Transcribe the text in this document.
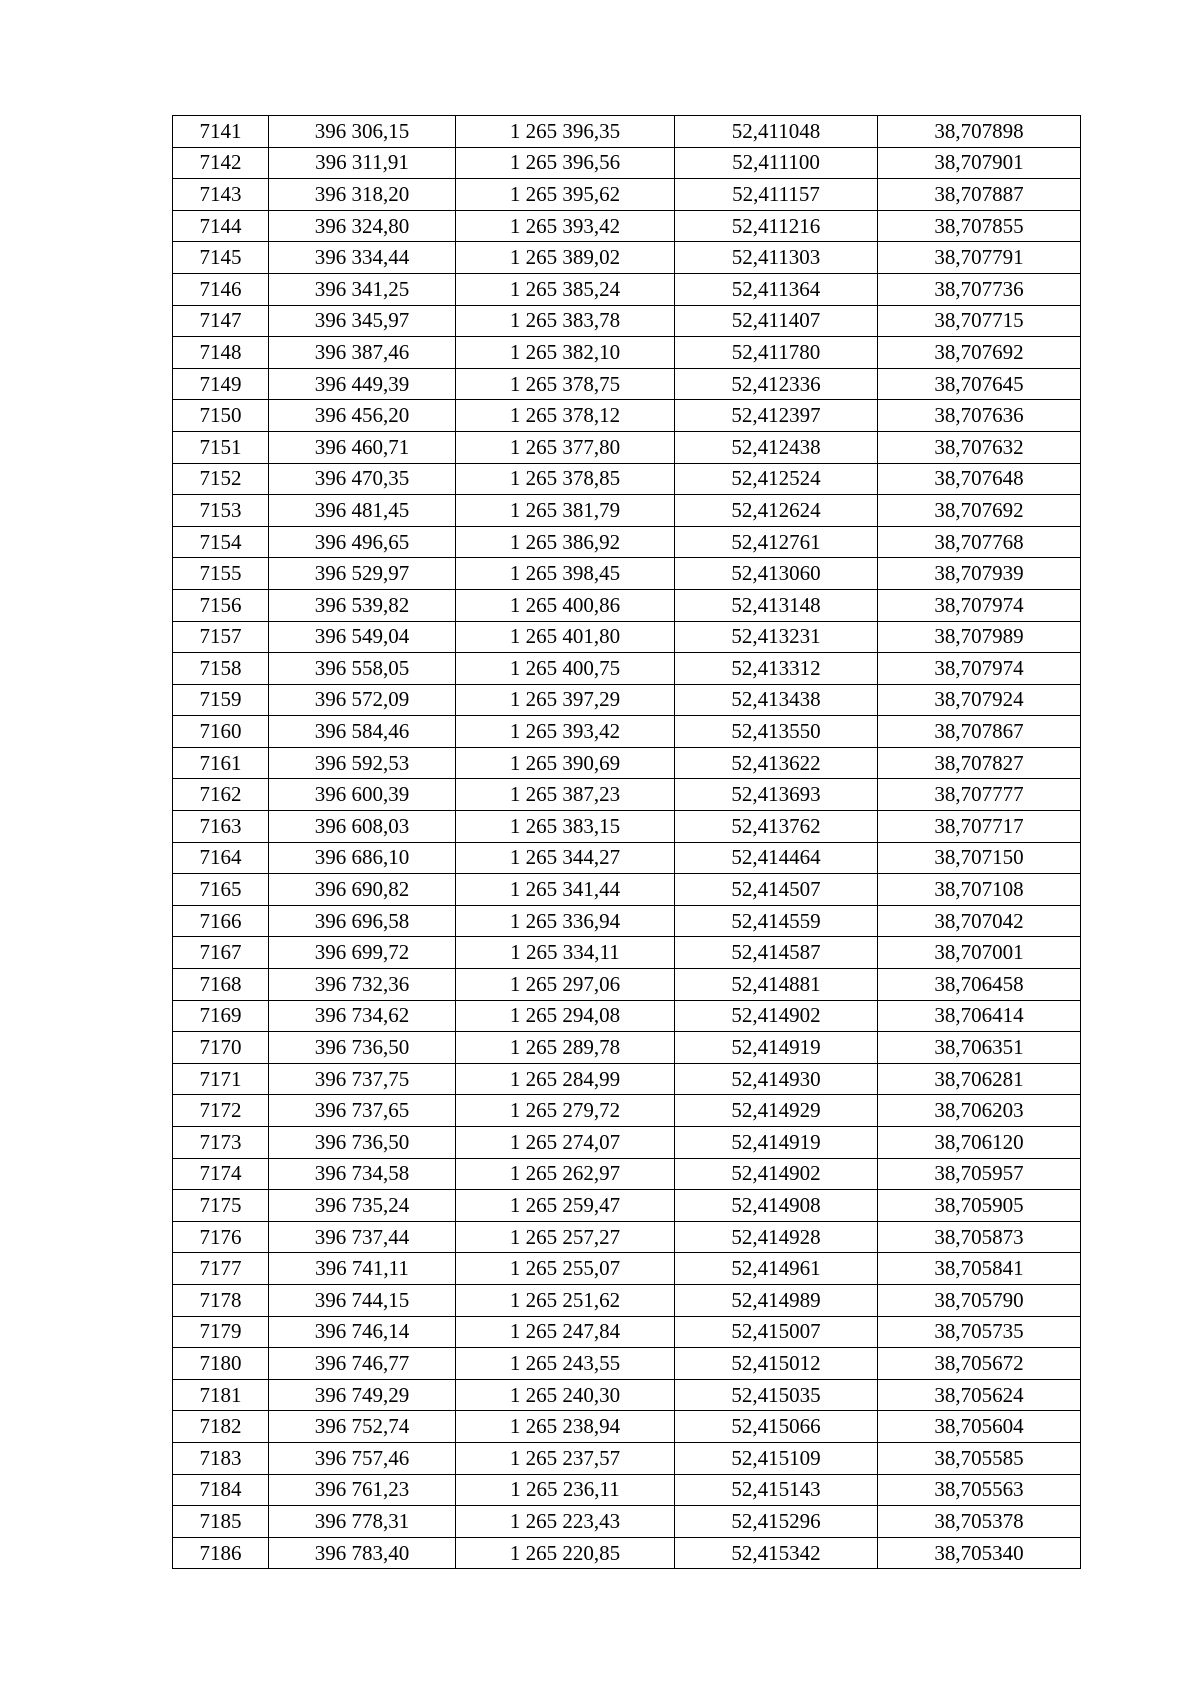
7141	396 306,15	1 265 396,35	52,411048	38,707898
7142	396 311,91	1 265 396,56	52,411100	38,707901
7143	396 318,20	1 265 395,62	52,411157	38,707887
7144	396 324,80	1 265 393,42	52,411216	38,707855
7145	396 334,44	1 265 389,02	52,411303	38,707791
7146	396 341,25	1 265 385,24	52,411364	38,707736
7147	396 345,97	1 265 383,78	52,411407	38,707715
7148	396 387,46	1 265 382,10	52,411780	38,707692
7149	396 449,39	1 265 378,75	52,412336	38,707645
7150	396 456,20	1 265 378,12	52,412397	38,707636
7151	396 460,71	1 265 377,80	52,412438	38,707632
7152	396 470,35	1 265 378,85	52,412524	38,707648
7153	396 481,45	1 265 381,79	52,412624	38,707692
7154	396 496,65	1 265 386,92	52,412761	38,707768
7155	396 529,97	1 265 398,45	52,413060	38,707939
7156	396 539,82	1 265 400,86	52,413148	38,707974
7157	396 549,04	1 265 401,80	52,413231	38,707989
7158	396 558,05	1 265 400,75	52,413312	38,707974
7159	396 572,09	1 265 397,29	52,413438	38,707924
7160	396 584,46	1 265 393,42	52,413550	38,707867
7161	396 592,53	1 265 390,69	52,413622	38,707827
7162	396 600,39	1 265 387,23	52,413693	38,707777
7163	396 608,03	1 265 383,15	52,413762	38,707717
7164	396 686,10	1 265 344,27	52,414464	38,707150
7165	396 690,82	1 265 341,44	52,414507	38,707108
7166	396 696,58	1 265 336,94	52,414559	38,707042
7167	396 699,72	1 265 334,11	52,414587	38,707001
7168	396 732,36	1 265 297,06	52,414881	38,706458
7169	396 734,62	1 265 294,08	52,414902	38,706414
7170	396 736,50	1 265 289,78	52,414919	38,706351
7171	396 737,75	1 265 284,99	52,414930	38,706281
7172	396 737,65	1 265 279,72	52,414929	38,706203
7173	396 736,50	1 265 274,07	52,414919	38,706120
7174	396 734,58	1 265 262,97	52,414902	38,705957
7175	396 735,24	1 265 259,47	52,414908	38,705905
7176	396 737,44	1 265 257,27	52,414928	38,705873
7177	396 741,11	1 265 255,07	52,414961	38,705841
7178	396 744,15	1 265 251,62	52,414989	38,705790
7179	396 746,14	1 265 247,84	52,415007	38,705735
7180	396 746,77	1 265 243,55	52,415012	38,705672
7181	396 749,29	1 265 240,30	52,415035	38,705624
7182	396 752,74	1 265 238,94	52,415066	38,705604
7183	396 757,46	1 265 237,57	52,415109	38,705585
7184	396 761,23	1 265 236,11	52,415143	38,705563
7185	396 778,31	1 265 223,43	52,415296	38,705378
7186	396 783,40	1 265 220,85	52,415342	38,705340
